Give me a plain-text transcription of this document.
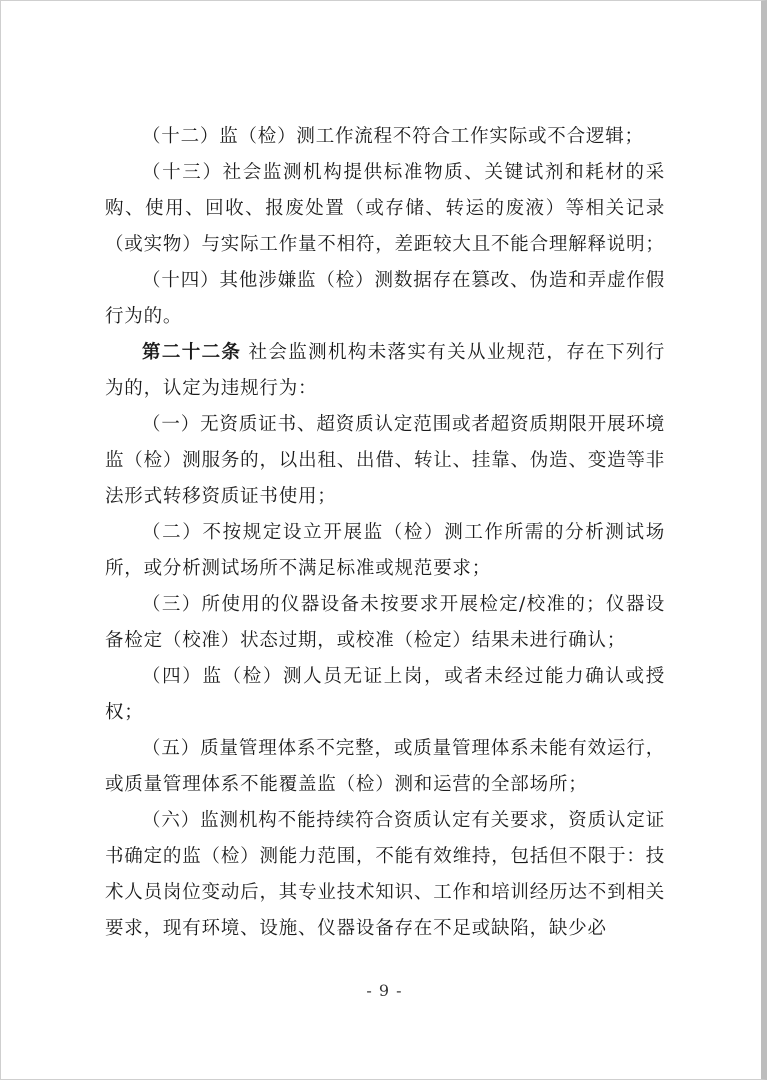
（十二）监（检）测工作流程不符合工作实际或不合逻辑；

（十三）社会监测机构提供标准物质、关键试剂和耗材的采购、使用、回收、报废处置（或存储、转运的废液）等相关记录（或实物）与实际工作量不相符，差距较大且不能合理解释说明；

（十四）其他涉嫌监（检）测数据存在篡改、伪造和弄虚作假行为的。

第二十二条 社会监测机构未落实有关从业规范，存在下列行为的，认定为违规行为：

（一）无资质证书、超资质认定范围或者超资质期限开展环境监（检）测服务的，以出租、出借、转让、挂靠、伪造、变造等非法形式转移资质证书使用；

（二）不按规定设立开展监（检）测工作所需的分析测试场所，或分析测试场所不满足标准或规范要求；

（三）所使用的仪器设备未按要求开展检定/校准的；仪器设备检定（校准）状态过期，或校准（检定）结果未进行确认；

（四）监（检）测人员无证上岗，或者未经过能力确认或授权；

（五）质量管理体系不完整，或质量管理体系未能有效运行，或质量管理体系不能覆盖监（检）测和运营的全部场所；

（六）监测机构不能持续符合资质认定有关要求，资质认定证书确定的监（检）测能力范围，不能有效维持，包括但不限于：技术人员岗位变动后，其专业技术知识、工作和培训经历达不到相关要求，现有环境、设施、仪器设备存在不足或缺陷，缺少必

- 9 -
